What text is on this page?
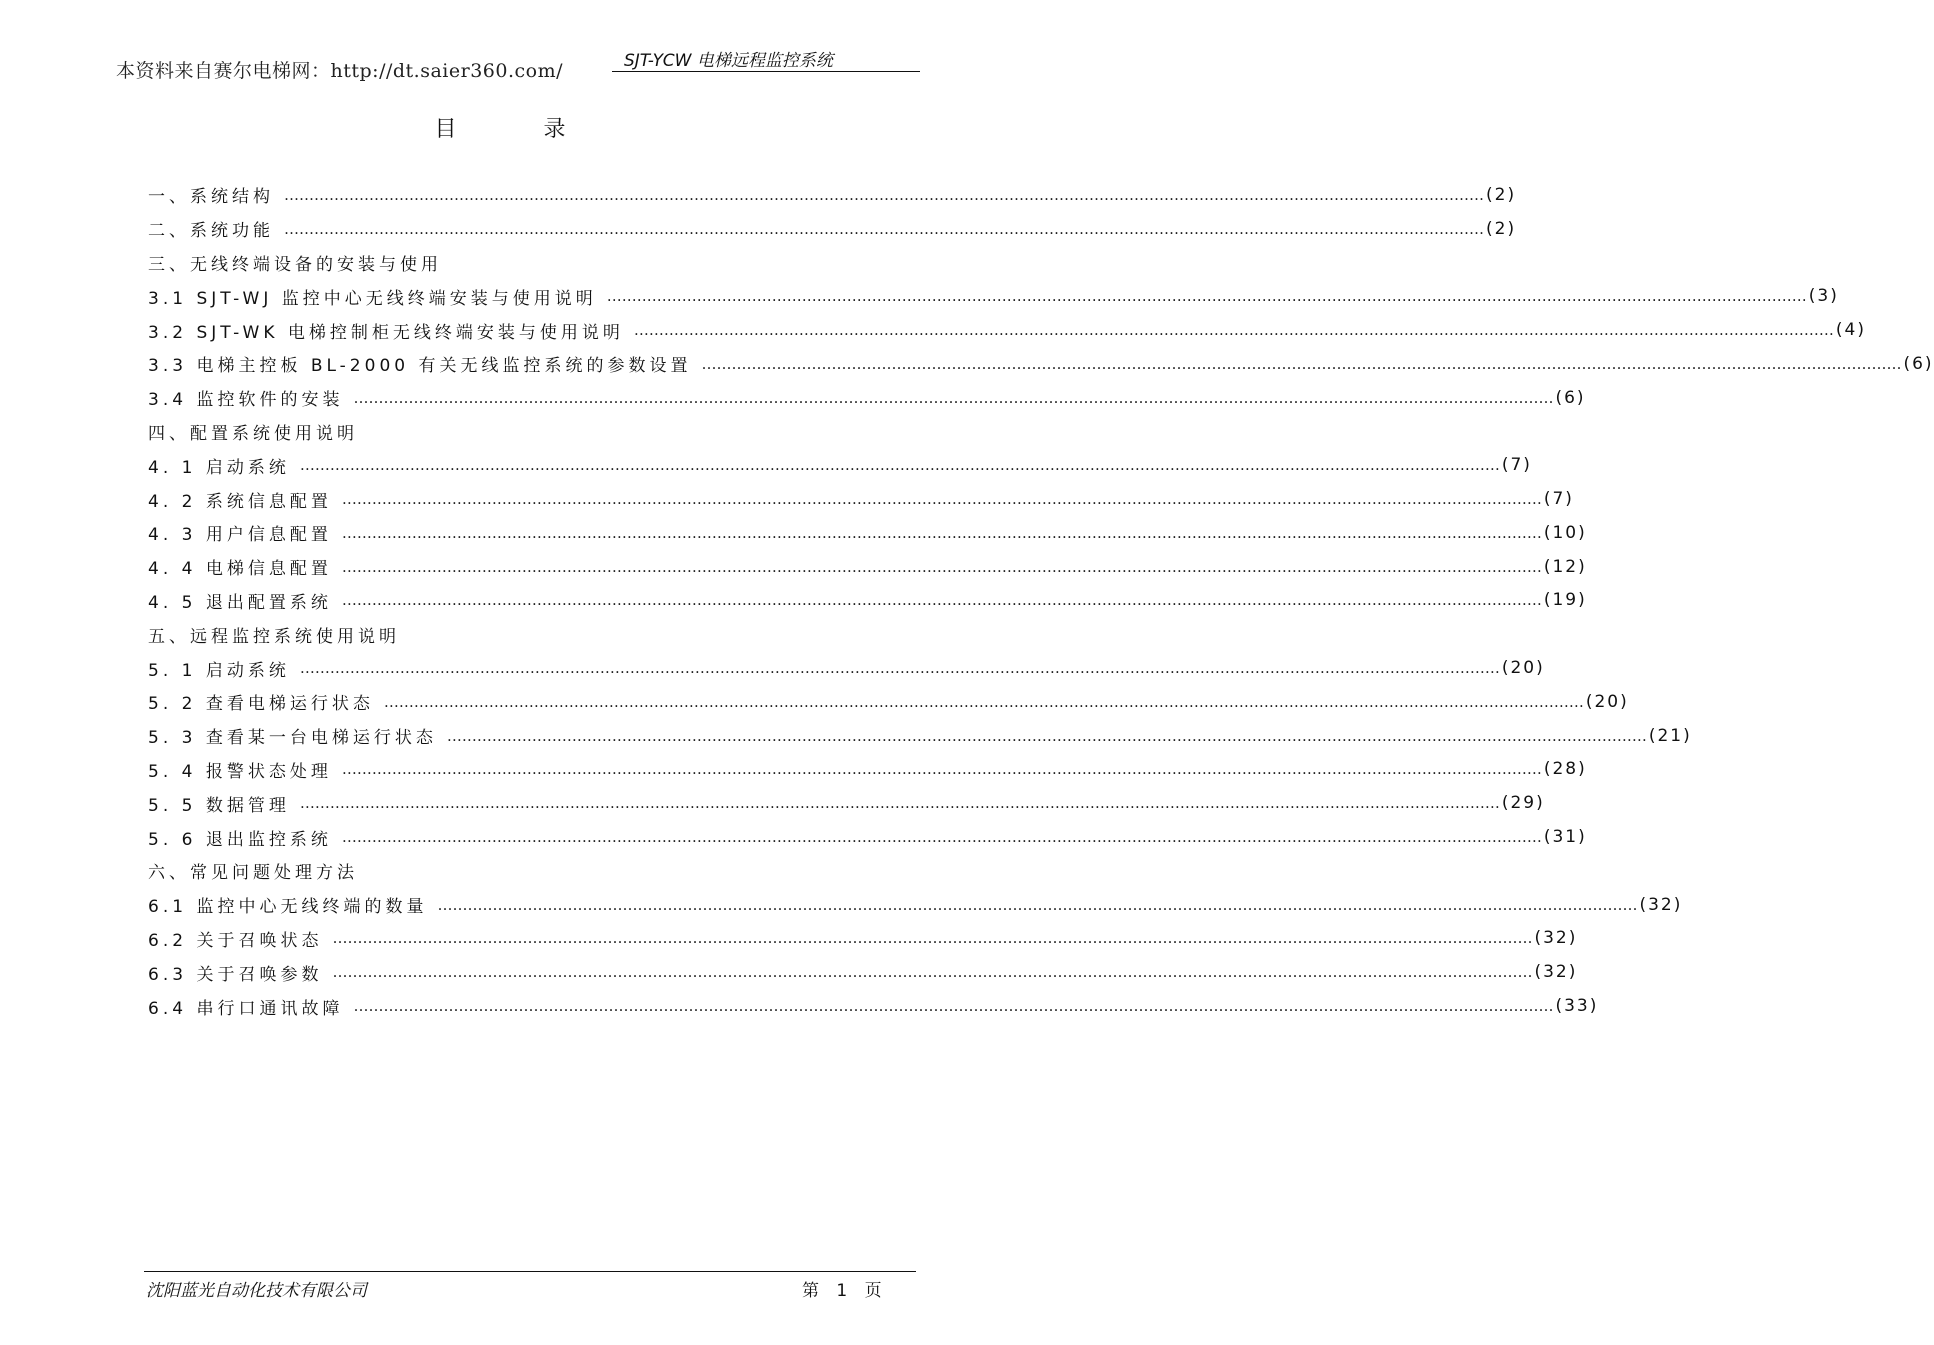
本资料来自赛尔电梯网：http://dt.saier360.com/	SJT-YCW 电梯远程监控系统
目 录
一、系统结构 …………………………………………………………………………………………………………………………………………………………………………………………………………………… (2)
二、系统功能 …………………………………………………………………………………………………………………………………………………………………………………………………………………… (2)
三、无线终端设备的安装与使用
3.1 SJT-WJ 监控中心无线终端安装与使用说明 …………………………………………………………………………………………………………………………………………………………………………………………………………………… (3)
3.2 SJT-WK 电梯控制柜无线终端安装与使用说明 …………………………………………………………………………………………………………………………………………………………………………………………………………………… (4)
3.3 电梯主控板 BL-2000 有关无线监控系统的参数设置 …………………………………………………………………………………………………………………………………………………………………………………………………………………… (6)
3.4 监控软件的安装 …………………………………………………………………………………………………………………………………………………………………………………………………………………… (6)
四、配置系统使用说明
4. 1 启动系统 …………………………………………………………………………………………………………………………………………………………………………………………………………………… (7)
4. 2 系统信息配置 …………………………………………………………………………………………………………………………………………………………………………………………………………………… (7)
4. 3 用户信息配置 …………………………………………………………………………………………………………………………………………………………………………………………………………………… (10)
4. 4 电梯信息配置 …………………………………………………………………………………………………………………………………………………………………………………………………………………… (12)
4. 5 退出配置系统 …………………………………………………………………………………………………………………………………………………………………………………………………………………… (19)
五、远程监控系统使用说明
5. 1 启动系统 …………………………………………………………………………………………………………………………………………………………………………………………………………………… (20)
5. 2 查看电梯运行状态 …………………………………………………………………………………………………………………………………………………………………………………………………………………… (20)
5. 3 查看某一台电梯运行状态 …………………………………………………………………………………………………………………………………………………………………………………………………………………… (21)
5. 4 报警状态处理 …………………………………………………………………………………………………………………………………………………………………………………………………………………… (28)
5. 5 数据管理 …………………………………………………………………………………………………………………………………………………………………………………………………………………… (29)
5. 6 退出监控系统 …………………………………………………………………………………………………………………………………………………………………………………………………………………… (31)
六、常见问题处理方法
6.1 监控中心无线终端的数量 …………………………………………………………………………………………………………………………………………………………………………………………………………………… (32)
6.2 关于召唤状态 …………………………………………………………………………………………………………………………………………………………………………………………………………………… (32)
6.3 关于召唤参数 …………………………………………………………………………………………………………………………………………………………………………………………………………………… (32)
6.4 串行口通讯故障 …………………………………………………………………………………………………………………………………………………………………………………………………………………… (33)
沈阳蓝光自动化技术有限公司	第 1 页
